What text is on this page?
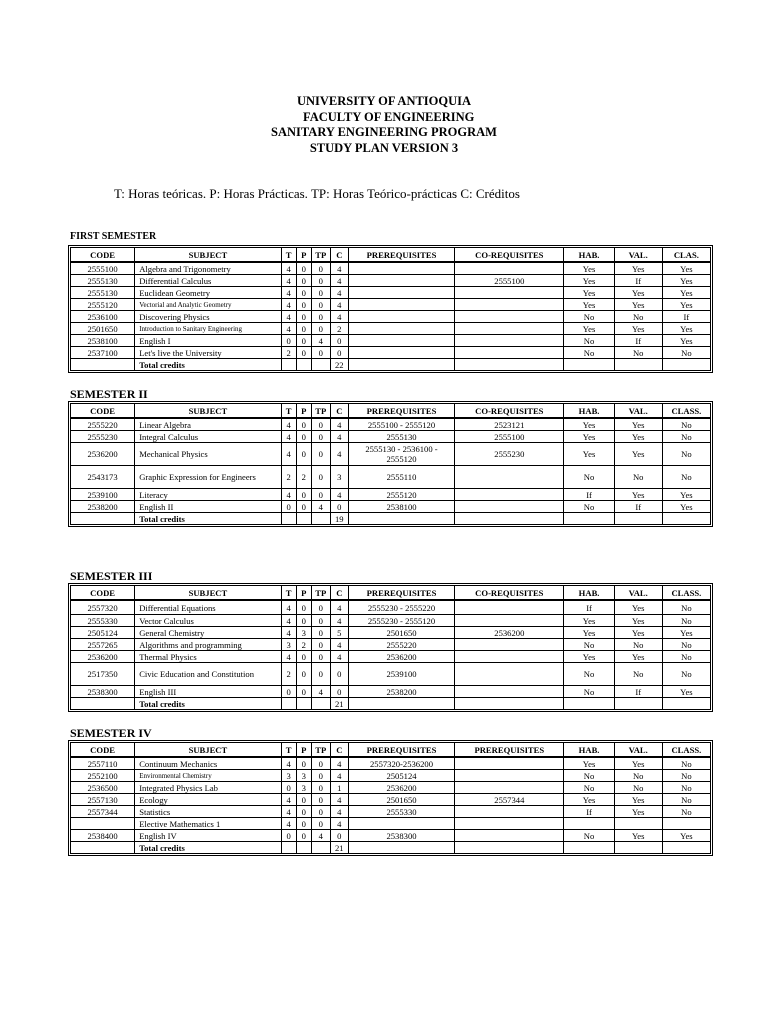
UNIVERSITY OF ANTIOQUIA
FACULTY OF ENGINEERING
SANITARY ENGINEERING PROGRAM
STUDY PLAN VERSION 3
T: Horas teóricas. P: Horas Prácticas. TP: Horas Teórico-prácticas C: Créditos
FIRST SEMESTER
CODE	SUBJECT	T	P	TP	C	PREREQUISITES	CO-REQUISITES	HAB.	VAL.	CLAS.
2555100	Algebra and Trigonometry	4	0	0	4			Yes	Yes	Yes
2555130	Differential Calculus	4	0	0	4		2555100	Yes	If	Yes
2555130	Euclidean Geometry	4	0	0	4			Yes	Yes	Yes
2555120	Vectorial and Analytic Geometry	4	0	0	4			Yes	Yes	Yes
2536100	Discovering Physics	4	0	0	4			No	No	If
2501650	Introduction to Sanitary Engineering	4	0	0	2			Yes	Yes	Yes
2538100	English I	0	0	4	0			No	If	Yes
2537100	Let's live the University	2	0	0	0			No	No	No
	Total credits				22					
SEMESTER II
CODE	SUBJECT	T	P	TP	C	PREREQUISITES	CO-REQUISITES	HAB.	VAL.	CLASS.
2555220	Linear Algebra	4	0	0	4	2555100 - 2555120	2523121	Yes	Yes	No
2555230	Integral Calculus	4	0	0	4	2555130	2555100	Yes	Yes	No
2536200	Mechanical Physics	4	0	0	4	2555130 - 2536100 - 2555120	2555230	Yes	Yes	No
2543173	Graphic Expression for Engineers	2	2	0	3	2555110		No	No	No
2539100	Literacy	4	0	0	4	2555120		If	Yes	Yes
2538200	English II	0	0	4	0	2538100		No	If	Yes
	Total credits				19					
SEMESTER III
CODE	SUBJECT	T	P	TP	C	PREREQUISITES	CO-REQUISITES	HAB.	VAL.	CLASS.
2557320	Differential Equations	4	0	0	4	2555230 - 2555220		If	Yes	No
2555330	Vector Calculus	4	0	0	4	2555230 - 2555120		Yes	Yes	No
2505124	General Chemistry	4	3	0	5	2501650	2536200	Yes	Yes	Yes
2557265	Algorithms and programming	3	2	0	4	2555220		No	No	No
2536200	Thermal Physics	4	0	0	4	2536200		Yes	Yes	No
2517350	Civic Education and Constitution	2	0	0	0	2539100		No	No	No
2538300	English III	0	0	4	0	2538200		No	If	Yes
	Total credits				21					
SEMESTER IV
CODE	SUBJECT	T	P	TP	C	PREREQUISITES	PREREQUISITES	HAB.	VAL.	CLASS.
2557110	Continuum Mechanics	4	0	0	4	2557320-2536200		Yes	Yes	No
2552100	Environmental Chemistry	3	3	0	4	2505124		No	No	No
2536500	Integrated Physics Lab	0	3	0	1	2536200		No	No	No
2557130	Ecology	4	0	0	4	2501650	2557344	Yes	Yes	No
2557344	Statistics	4	0	0	4	2555330		If	Yes	No
	Elective Mathematics 1	4	0	0	4					
2538400	English IV	0	0	4	0	2538300		No	Yes	Yes
	Total credits				21					
